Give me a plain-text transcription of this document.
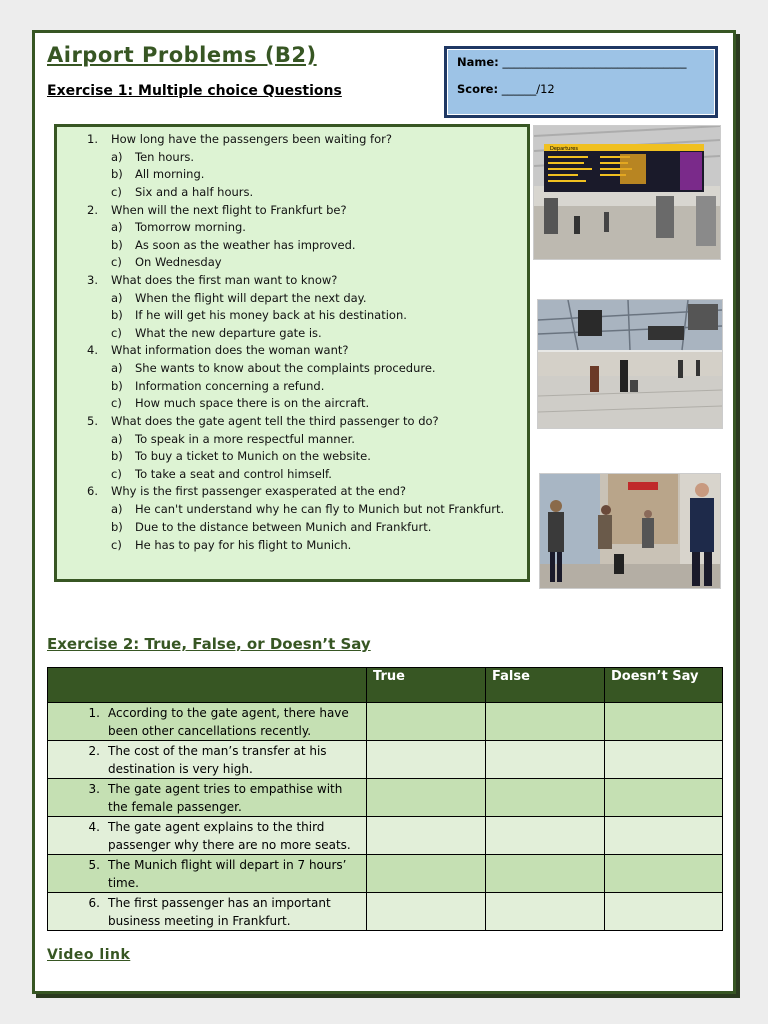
Airport Problems (B2)
Exercise 1: Multiple choice Questions
Name: ________________________________
Score: ______/12
1. How long have the passengers been waiting for?
a) Ten hours.
b) All morning.
c) Six and a half hours.
2. When will the next flight to Frankfurt be?
a) Tomorrow morning.
b) As soon as the weather has improved.
c) On Wednesday
3. What does the first man want to know?
a) When the flight will depart the next day.
b) If he will get his money back at his destination.
c) What the new departure gate is.
4. What information does the woman want?
a) She wants to know about the complaints procedure.
b) Information concerning a refund.
c) How much space there is on the aircraft.
5. What does the gate agent tell the third passenger to do?
a) To speak in a more respectful manner.
b) To buy a ticket to Munich on the website.
c) To take a seat and control himself.
6. Why is the first passenger exasperated at the end?
a) He can't understand why he can fly to Munich but not Frankfurt.
b) Due to the distance between Munich and Frankfurt.
c) He has to pay for his flight to Munich.
Departures
Exercise 2: True, False, or Doesn’t Say
	True	False	Doesn’t Say

1. According to the gate agent, there have been other cancellations recently.			

2. The cost of the man’s transfer at his destination is very high.			

3. The gate agent tries to empathise with the female passenger.			

4. The gate agent explains to the third passenger why there are no more seats.			

5. The Munich flight will depart in 7 hours’ time.			

6. The first passenger has an important business meeting in Frankfurt.			

Video link
